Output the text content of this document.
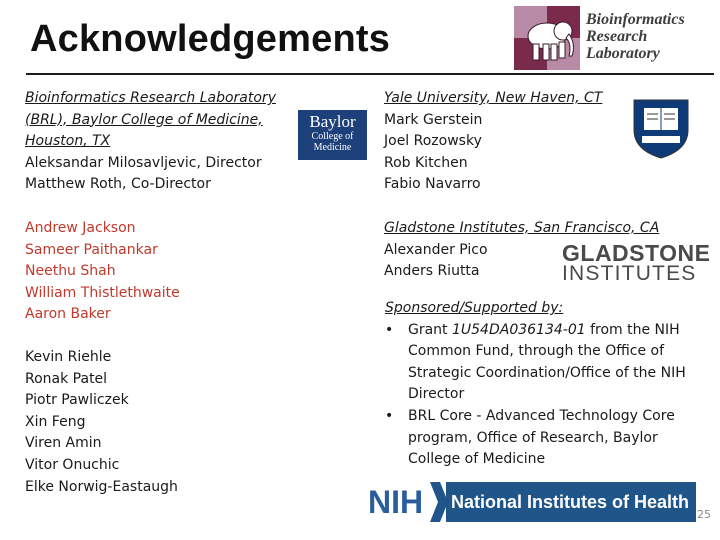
Acknowledgements	Bioinformatics
Research
Laboratory
Bioinformatics Research Laboratory
(BRL), Baylor College of Medicine,
Houston, TX
Aleksandar Milosavljevic, Director
Matthew Roth, Co-Director
Baylor
College of
Medicine
Andrew Jackson
Sameer Paithankar
Neethu Shah
William Thistlethwaite
Aaron Baker
Kevin Riehle
Ronak Patel
Piotr Pawliczek
Xin Feng
Viren Amin
Vitor Onuchic
Elke Norwig-Eastaugh
Yale University, New Haven, CT
Mark Gerstein
Joel Rozowsky
Rob Kitchen
Fabio Navarro
Gladstone Institutes, San Francisco, CA
Alexander Pico
Anders Riutta
GLADSTONE
INSTITUTES
Sponsored/Supported by:
• Grant 1U54DA036134-01 from the NIH Common Fund, through the Office of Strategic Coordination/Office of the NIH Director
• BRL Core - Advanced Technology Core program, Office of Research, Baylor College of Medicine
NIH	National Institutes of Health
25
